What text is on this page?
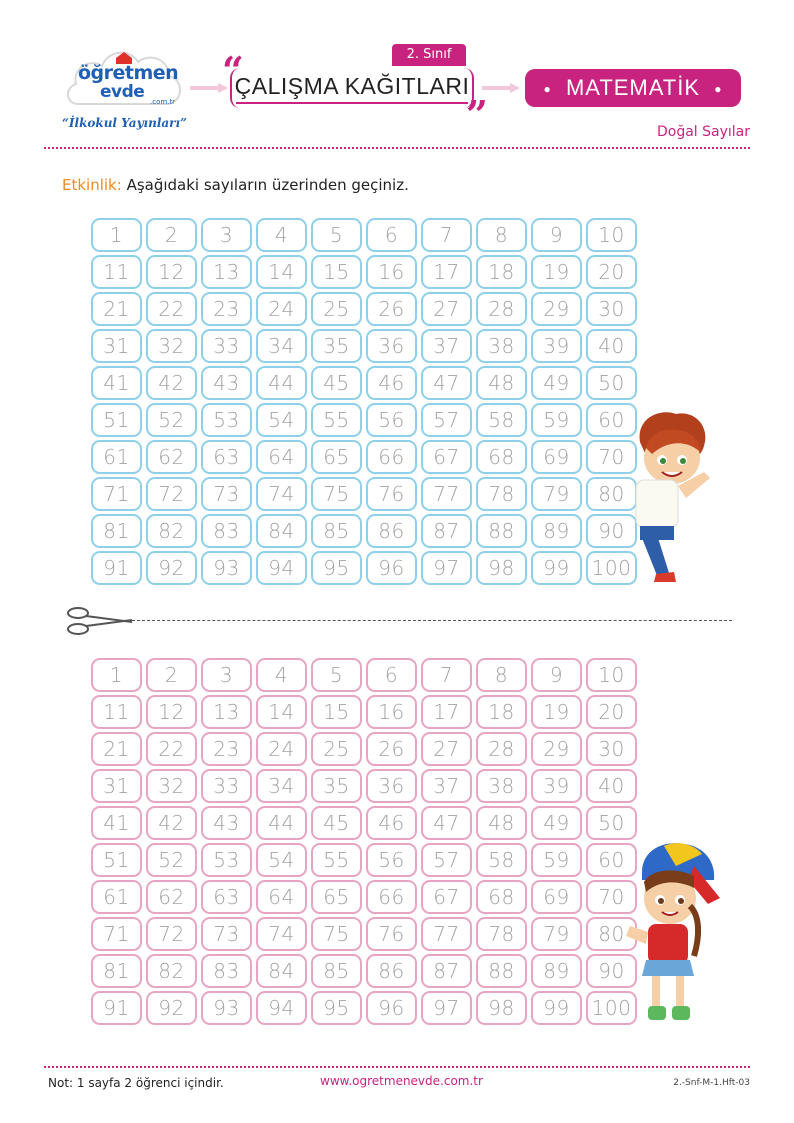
öğretmen
evde .com.tr
“İlkokul Yayınları”
2. Sınıf
“
ÇALIŞMA KAĞITLARI
”
● MATEMATİK ●
Doğal Sayılar
Etkinlik: Aşağıdaki sayıların üzerinden geçiniz.
1	2	3	4	5	6	7	8	9	10
11	12	13	14	15	16	17	18	19	20
21	22	23	24	25	26	27	28	29	30
31	32	33	34	35	36	37	38	39	40
41	42	43	44	45	46	47	48	49	50
51	52	53	54	55	56	57	58	59	60
61	62	63	64	65	66	67	68	69	70
71	72	73	74	75	76	77	78	79	80
81	82	83	84	85	86	87	88	89	90
91	92	93	94	95	96	97	98	99	100
1	2	3	4	5	6	7	8	9	10
11	12	13	14	15	16	17	18	19	20
21	22	23	24	25	26	27	28	29	30
31	32	33	34	35	36	37	38	39	40
41	42	43	44	45	46	47	48	49	50
51	52	53	54	55	56	57	58	59	60
61	62	63	64	65	66	67	68	69	70
71	72	73	74	75	76	77	78	79	80
81	82	83	84	85	86	87	88	89	90
91	92	93	94	95	96	97	98	99	100
Not: 1 sayfa 2 öğrenci içindir.	www.ogretmenevde.com.tr	2.-Snf-M-1.Hft-03
